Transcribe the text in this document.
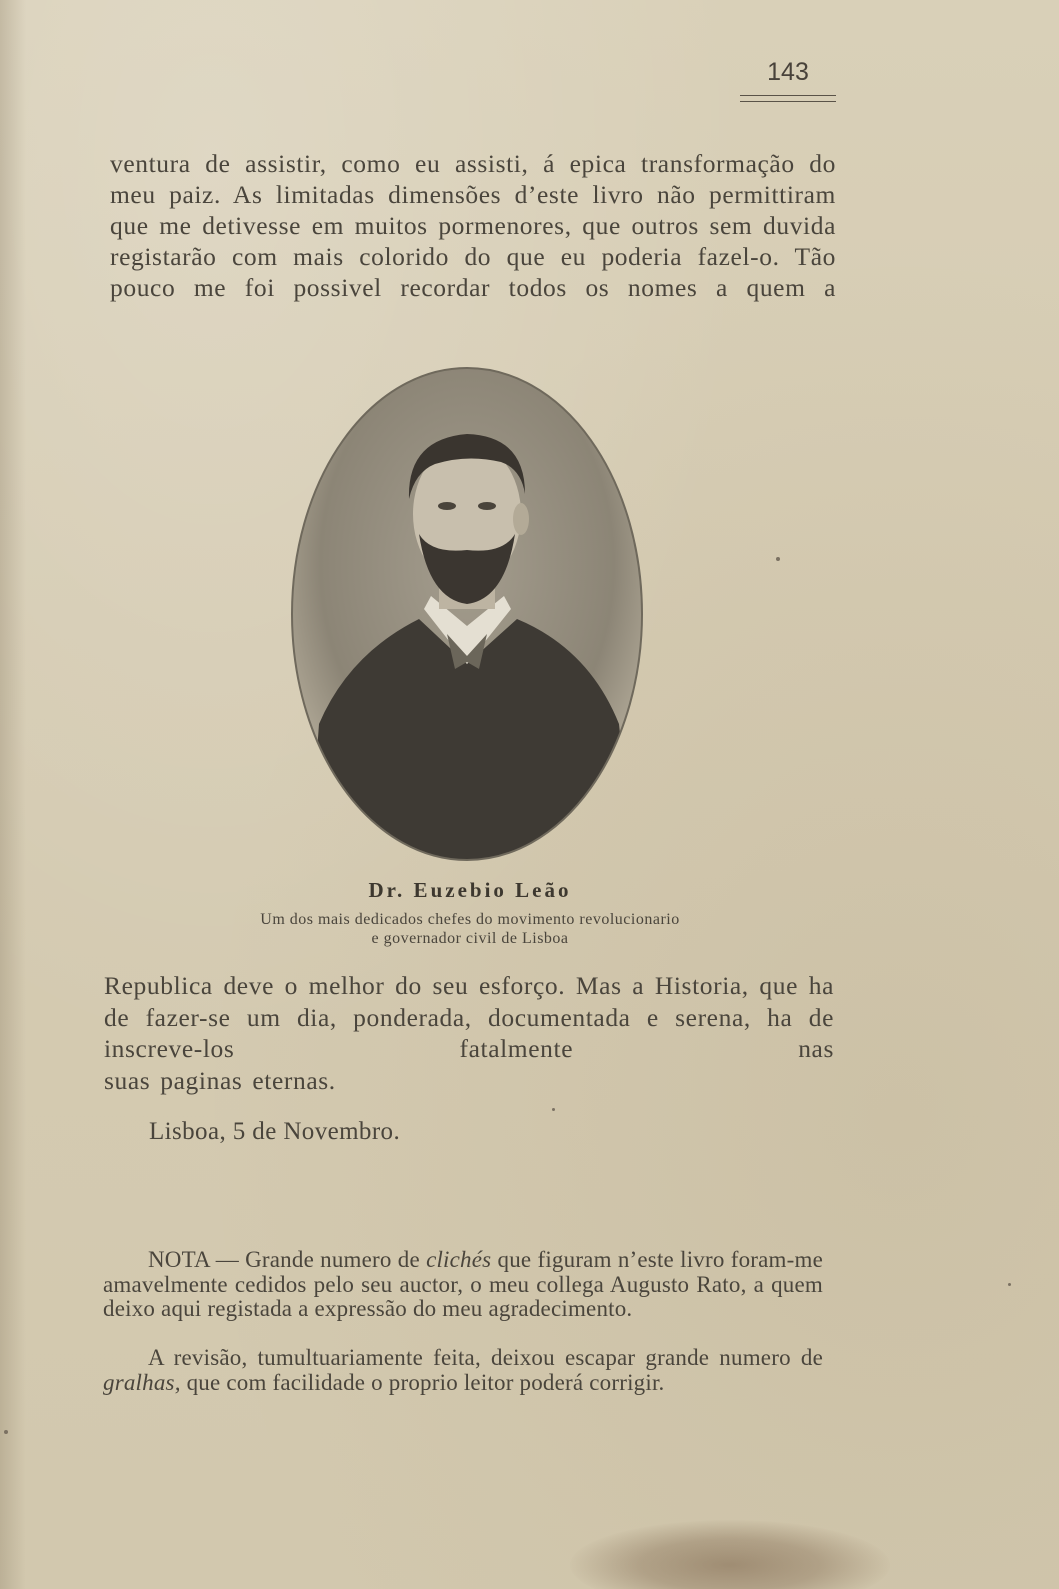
143

ventura de assistir, como eu assisti, á epica transformação do meu paiz. As limitadas dimensões d’este livro não permittiram que me detivesse em muitos pormenores, que outros sem duvida registarão com mais colorido do que eu poderia fazel-o. Tão pouco me foi possivel recordar todos os nomes a quem a

Dr. Euzebio Leão
Um dos mais dedicados chefes do movimento revolucionario
e governador civil de Lisboa
Republica deve o melhor do seu esforço. Mas a Historia, que ha de fazer-se um dia, ponderada, documentada e serena, ha de inscreve-los fatalmente nas
suas paginas eternas.
Lisboa, 5 de Novembro.

NOTA — Grande numero de clichés que figuram n’este livro foram-me amavelmente cedidos pelo seu auctor, o meu collega Augusto Rato, a quem deixo aqui registada a expressão do meu agradecimento.

A revisão, tumultuariamente feita, deixou escapar grande numero de gralhas, que com facilidade o proprio leitor poderá corrigir.
